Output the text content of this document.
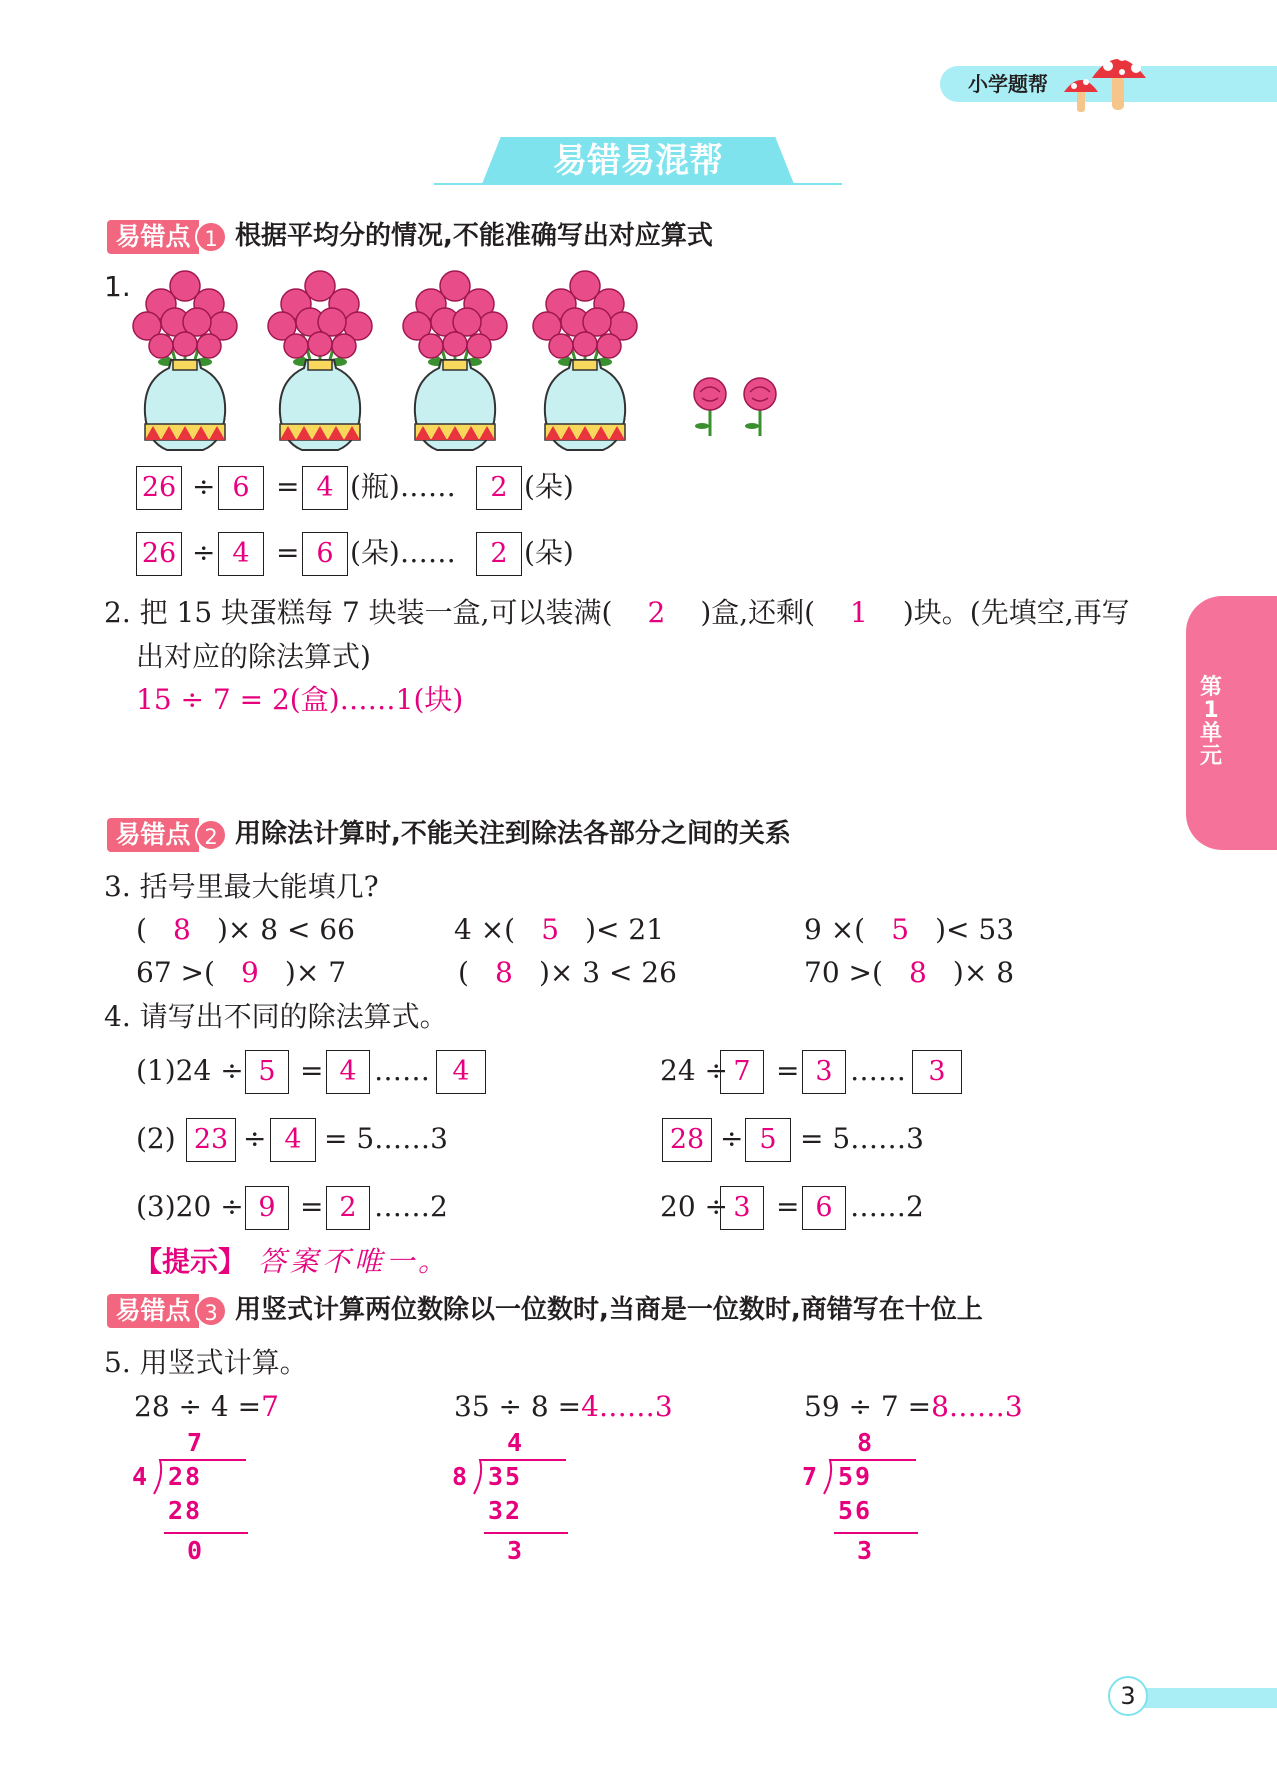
小学题帮
易错易混帮
第1单元
易错点 1 根据平均分的情况,不能准确写出对应算式
1.
26 ÷ 6 = 4 (瓶)……	2 (朵)
26 ÷ 4 = 6 (朵)……	2 (朵)
2. 把 15 块蛋糕每 7 块装一盒,可以装满( 2 )盒,还剩( 1 )块。(先填空,再写
出对应的除法算式)
15 ÷ 7 = 2(盒)……1(块)
易错点 2 用除法计算时,不能关注到除法各部分之间的关系
3. 括号里最大能填几?
( 8 )× 8 < 66	4 ×( 5 )< 21	9 ×( 5 )< 53
67 >( 9 )× 7	( 8 )× 3 < 26	70 >( 8 )× 8
4. 请写出不同的除法算式。
(1)24 ÷ 5 = 4 …… 4	24 ÷ 7 = 3 …… 3
(2) 23 ÷ 4 = 5……3	28 ÷ 5 = 5……3
(3)20 ÷ 9 = 2 ……2	20 ÷ 3 = 6 ……2
【提示】 答案不唯一。
易错点 3 用竖式计算两位数除以一位数时,当商是一位数时,商错写在十位上
5. 用竖式计算。
28 ÷ 4 =7	35 ÷ 8 =4……3	59 ÷ 7 =8……3
7
4 28
28
0
4
8 35
32
3
8
7 59
56
3
3
